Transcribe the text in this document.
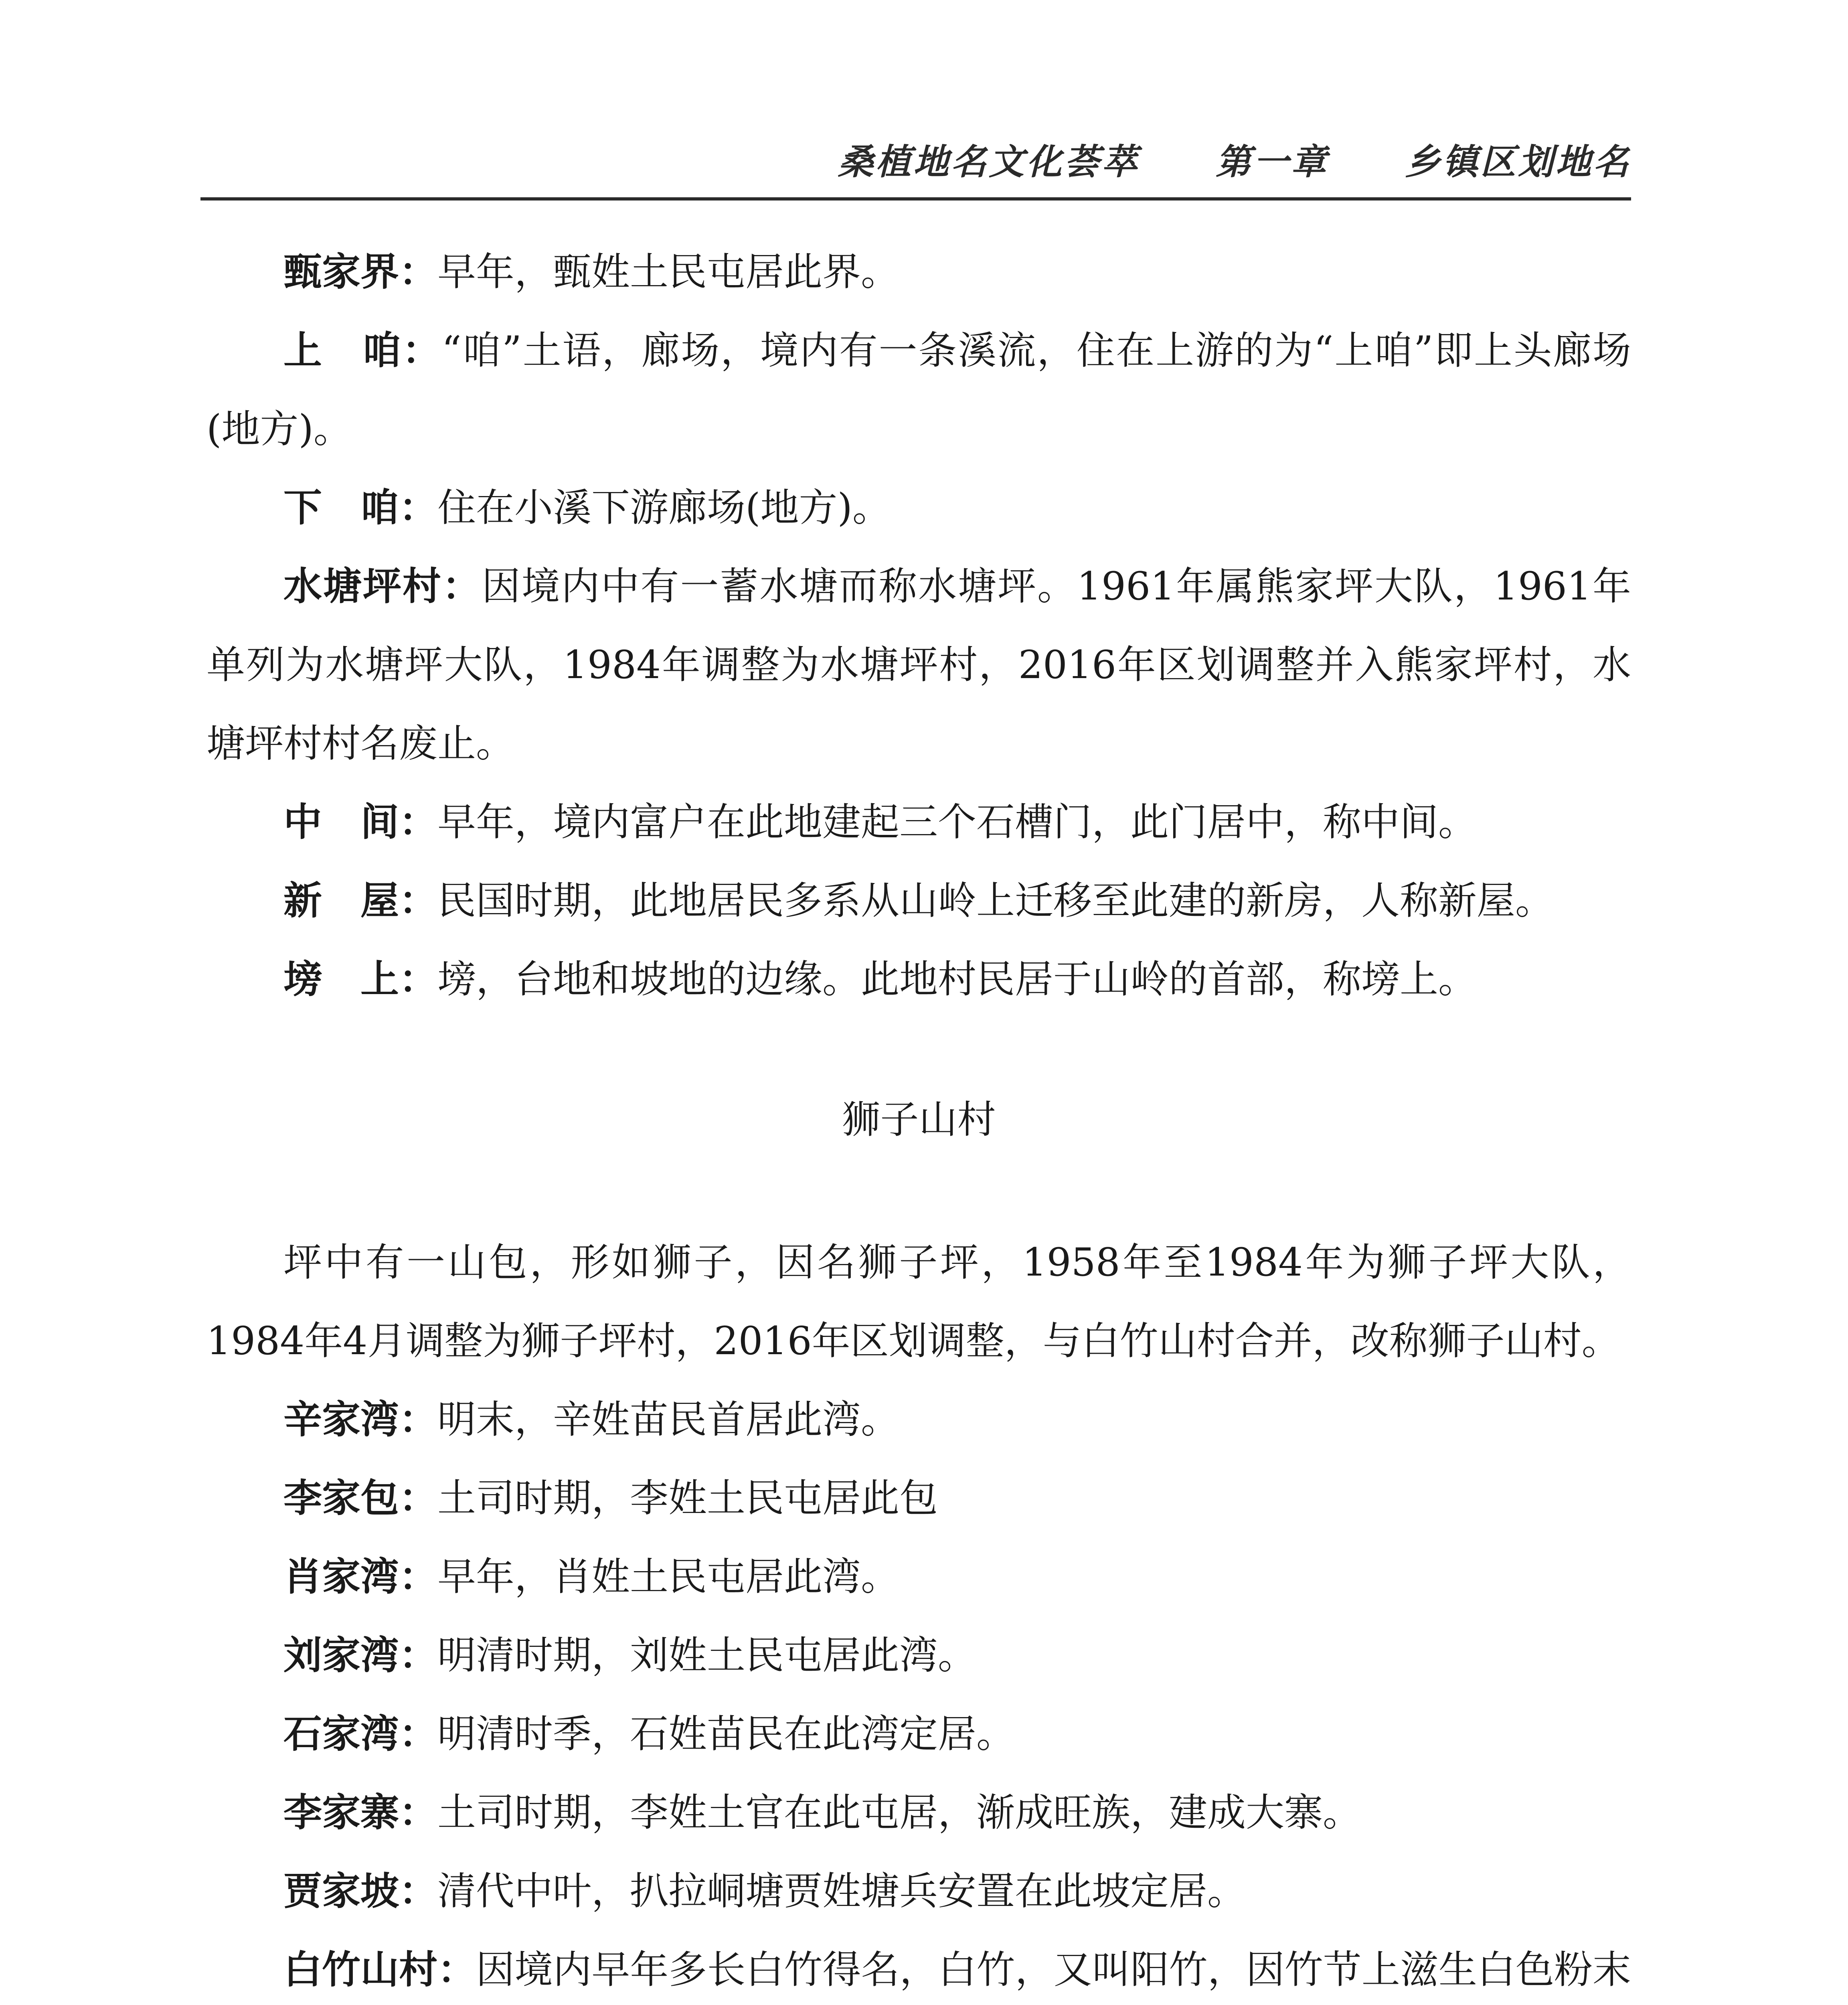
桑植地名文化荟萃 第一章 乡镇区划地名

甄家界：早年，甄姓土民屯居此界。

上　咱：“咱”土语，廊场，境内有一条溪流，住在上游的为“上咱”即上头廊场(地方)。

下　咱：住在小溪下游廊场(地方)。

水塘坪村：因境内中有一蓄水塘而称水塘坪。1961年属熊家坪大队，1961年单列为水塘坪大队，1984年调整为水塘坪村，2016年区划调整并入熊家坪村，水塘坪村村名废止。

中　间：早年，境内富户在此地建起三个石槽门，此门居中，称中间。

新　屋：民国时期，此地居民多系从山岭上迁移至此建的新房，人称新屋。

塝　上：塝，台地和坡地的边缘。此地村民居于山岭的首部，称塝上。

狮子山村

坪中有一山包，形如狮子，因名狮子坪，1958年至1984年为狮子坪大队，1984年4月调整为狮子坪村，2016年区划调整，与白竹山村合并，改称狮子山村。

辛家湾：明末，辛姓苗民首居此湾。

李家包：土司时期，李姓土民屯居此包

肖家湾：早年，肖姓土民屯居此湾。

刘家湾：明清时期，刘姓土民屯居此湾。

石家湾：明清时季，石姓苗民在此湾定居。

李家寨：土司时期，李姓土官在此屯居，渐成旺族，建成大寨。

贾家坡：清代中叶，扒拉峒塘贾姓塘兵安置在此坡定居。

白竹山村：因境内早年多长白竹得名，白竹，又叫阳竹，因竹节上滋生白色粉末
